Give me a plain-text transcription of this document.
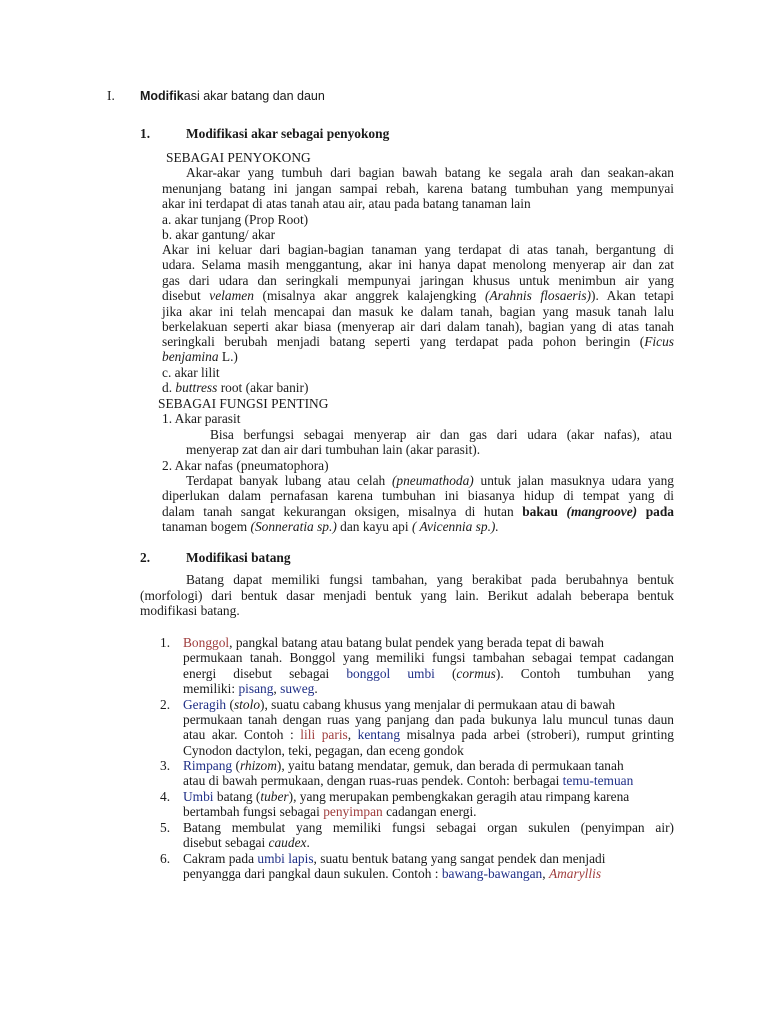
I. Modifikasi akar batang dan daun
1.	Modifikasi akar sebagai penyokong
SEBAGAI PENYOKONG
Akar-akar yang tumbuh dari bagian bawah batang ke segala arah dan seakan-akan
menunjang batang ini jangan sampai rebah, karena batang tumbuhan yang mempunyai
akar ini terdapat di atas tanah atau air, atau pada batang tanaman lain
a. akar tunjang (Prop Root)
b. akar gantung/ akar
Akar ini keluar dari bagian-bagian tanaman yang terdapat di atas tanah, bergantung di
udara. Selama masih menggantung, akar ini hanya dapat menolong menyerap air dan zat
gas dari udara dan seringkali mempunyai jaringan khusus untuk menimbun air yang
disebut velamen (misalnya akar anggrek kalajengking (Arahnis flosaeris)). Akan tetapi
jika akar ini telah mencapai dan masuk ke dalam tanah, bagian yang masuk tanah lalu
berkelakuan seperti akar biasa (menyerap air dari dalam tanah), bagian yang di atas tanah
seringkali berubah menjadi batang seperti yang terdapat pada pohon beringin (Ficus
benjamina L.)
c. akar lilit
d. buttress root (akar banir)
SEBAGAI FUNGSI PENTING
1. Akar parasit
Bisa berfungsi sebagai menyerap air dan gas dari udara (akar nafas), atau
menyerap zat dan air dari tumbuhan lain (akar parasit).
2. Akar nafas (pneumatophora)
Terdapat banyak lubang atau celah (pneumathoda) untuk jalan masuknya udara yang
diperlukan dalam pernafasan karena tumbuhan ini biasanya hidup di tempat yang di
dalam tanah sangat kekurangan oksigen, misalnya di hutan bakau (mangroove) pada
tanaman bogem (Sonneratia sp.) dan kayu api ( Avicennia sp.).
2.	Modifikasi batang
Batang dapat memiliki fungsi tambahan, yang berakibat pada berubahnya bentuk
(morfologi) dari bentuk dasar menjadi bentuk yang lain. Berikut adalah beberapa bentuk
modifikasi batang.
1. Bonggol, pangkal batang atau batang bulat pendek yang berada tepat di bawah
permukaan tanah. Bonggol yang memiliki fungsi tambahan sebagai tempat cadangan
energi disebut sebagai bonggol umbi (cormus). Contoh tumbuhan yang
memiliki: pisang, suweg.
2. Geragih (stolo), suatu cabang khusus yang menjalar di permukaan atau di bawah
permukaan tanah dengan ruas yang panjang dan pada bukunya lalu muncul tunas daun
atau akar. Contoh : lili paris, kentang misalnya pada arbei (stroberi), rumput grinting
Cynodon dactylon, teki, pegagan, dan eceng gondok
3. Rimpang (rhizom), yaitu batang mendatar, gemuk, dan berada di permukaan tanah
atau di bawah permukaan, dengan ruas-ruas pendek. Contoh: berbagai temu-temuan
4. Umbi batang (tuber), yang merupakan pembengkakan geragih atau rimpang karena
bertambah fungsi sebagai penyimpan cadangan energi.
5. Batang membulat yang memiliki fungsi sebagai organ sukulen (penyimpan air)
disebut sebagai caudex.
6. Cakram pada umbi lapis, suatu bentuk batang yang sangat pendek dan menjadi
penyangga dari pangkal daun sukulen. Contoh : bawang-bawangan, Amaryllis
